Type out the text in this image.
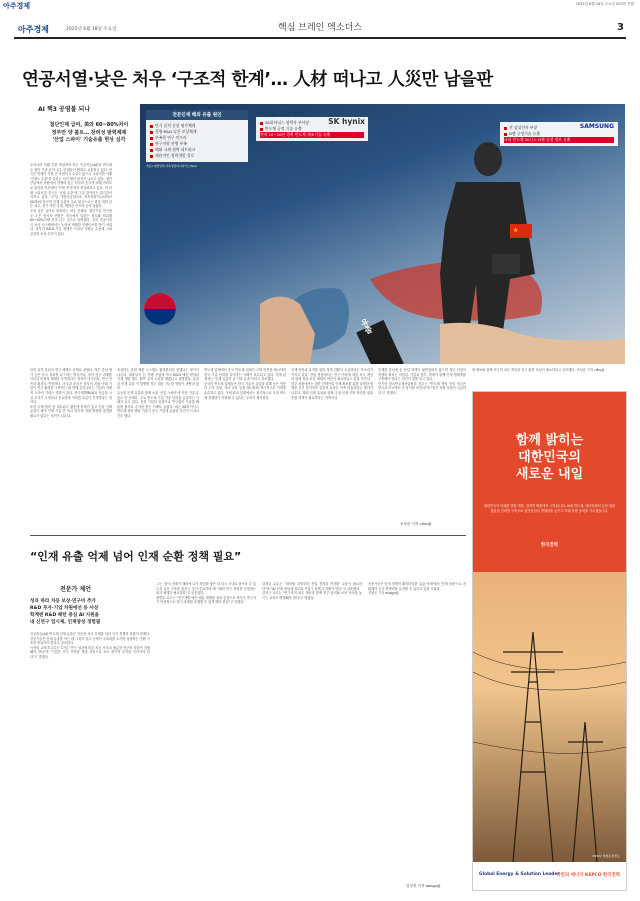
아주경제	2025년 6월 18일 수요일 003면 종합
아주경제	2025년 6월 18일 수요일	핵심 브레인 엑소더스	3
연공서열·낮은 처우 ‘구조적 한계’… 人材 떠나고 人災만 남을판
AI 핵3 공염불 되나
첨단인재 급여, 美와 60~80%차이
정부만 양 불트… 장려성 발력체제
'산업 스파이' 기술유출 현상 심각
★
유출
전문인재 해외 유출 원인
단기 실적 중심 평가체계
경영·R&D 낮은 보상체계
부족한 연구 인프라
연구직원 진행 부족
해외 국제 협력 네트워크
제한적인 경력개발 경로
자료=대한상의 지속성장이니셔티브(SGI)
주국 기술 유출된 사례
SK하이닉스 협력사 부사장
반도체 공정 기술 유출
전직 10~20년 경력 반도체 제조기술 유출
SK hynix
SAMSUNG
전 삼성전자 부장
D램 공정기술 유출
국내 반도체 20나노 D램 공정 정보 유출

우리나라 미래 부를 책임져야 하는 인공지능(AI)과 반도체 등 첨단 기술 분야 우수 인재들이 해외로 유출되고 있다. 한국은 인재가 가장 큰 자원이고 수출도 많으니 나라지만 이제 '인재도 수출'을 알리는 처지 세인 탄식이 나오고 있다. 첨단산업에서 지원에서 경쟁력 있는 미국과 중국에 비해 여러모로 불리한 여건에서 '인재 적자'까지 현실화되고 있다. 먼 미래 스타트업 중국은 '공장 유출'에 그칠 것이라는 위기감이 커지고 있다. 17일 대한상공회의소 지속성장이니셔티브(SGI)에 따르면 인재 유출의 주요 원인으로는 취업 대비 낮은 처우, 경기 비전 부재, 제한된 인프라 등이 꼽혔다.

우선 낮은 급여로 대표되는 처우 문제다. 첨단기술 연구원 등 돈은 총사자 연봉은 미국에서 일하는 경우와 비교해 60~80%가량 차이 나는 것으로 알려졌다. 특히 연공서열식 보상 시스템에서는 능력에 비례한 인센티브를 받기 어렵다. 정부의 R&D 기금 정책은 사실상 지원금 수준에 그쳐 실질적 보상 수단이 없다.

단지 실직 중심의 연구 체계도 문제로 꼽혔다. 정부 중심 평가 등은 즉시 성과를 요구하는 방식이다. 장기 연구 과제를 이어갈 안정적 체계가 부족하다는 지적이 이어진다. 연구 인프라 환경도 여전하다. 미국과 중국은 정부의 지원 아래 기업이 연구 환경을 구축하는 데 반해 우리나라는 기업의 자체적 노력에 기대는 경향이 있다. 연구개발(R&D) 자금을 시설 투자가 무엇보다 중요한데 이러한 흐름이 부족하다는 것이다.

또한 국제 협력 및 네트워크 활동에 한계가 있고 신입 인재 유입이 줄어 인재 기술 간 역시 정부의 지원 방향을 점검할 필요가 있다는 지적이 나온다.

육성하는 관련 제품 시스템도 활성화되지 못했다는 평가가 나온다. 대한상의 등 '전략 산업에 적극 R&D 예산 편성과 인재 개발 제도 정비' 등의 노력을 해왔다고 설명했다. 유출된 인재 유출 이 발생할 경우 대응 가능한 방법이 마땅치 않다.

유능한 인재 유출과 함께 소위 '산업 스파이'에 의한 기술 유출도 큰 문제다. 주요 반도체 기업 기술 인력을 유출하는 사례가 늘고 있다. 전직 기업의 임원이나 연구원이 기술을 빼돌린 혐의로 수사를 받는 사례도 늘었다. 최근 SK하이닉스 반도체 관련 핵심 기술이 중국 기업에 유출된 사건이 드러나기도 했다.

반도체 업계에선 중국 반도체 업체가 고액 연봉을 제시하며 한국 기술 인력을 끌어가는 사례가 보고되고 있다. 업계 관계자는 '인재 유출은 곧 기술 유출'이라고 강조했다.

중국의 반도체 업체들은 한국 기술자 유입을 위해 높은 연봉과 주거 지원, 자녀 교육 등을 제시하며 적극적으로 인력을 흡수하고 있다. 이에 따라 업계에서는 장기적으로 국내 반도체 경쟁력이 약화될 수 있다는 우려가 제기된다.

인재 양성과 유지를 위한 정책 전환이 시급하다는 목소리가 커지고 있다. 산업 현장에서는 연구 인력에 대한 처우 개선과 함께 성과 보상 체계의 혁신이 필요하다고 입을 모은다.

정부 차원에서는 첨단 전략산업 인재 확보를 위한 다양한 정책을 추진 중이지만 실질적 효과는 아직 미흡하다는 평가가 나온다. 해외 인재 유치와 함께 국내 인재 이탈 방지를 위한 종합 대책이 필요하다는 지적이다.

인재를 중심에 둔 산업 정책이 뒷받침되지 않으면 첨단 산업의 경쟁력 확보는 어렵다. 기업과 정부, 학계가 함께 인재 생태계를 구축해야 한다는 의견이 힘을 얻고 있다.

안기현 한국반도체산업협회 전무는 "반도체 핵심 인력 임금은 한국과 미국에서 큰 차이를 보인다"며 "정부 차원 지원이 시급하다"고 말했다.

장 확보와 함께 적극적 처우 개선과 연구 환경 조성이 필요하다고 강조했다. 조성준 기자 crbo@

조성준 기자 crbo@
“인재 유출 억제 넘어 인재 순환 정책 필요”
전문가 제언
성과 따라 차등 보상·연구비 추가
R&D 투자·기업 차원에선 동 사상
학계엔 R&D 패턴 중심 AI 지원을
내 신연구 업시제, 인재양성 경험필

인공지능(AI)·반도체 인재 유출은 단순한 처우 문제를 넘어 국가 경쟁력 차원의 과제다. 전문가들은 인재 유출을 막는 데 그치지 말고 인재가 국내외를 오가며 성장하는 순환 구조를 만들어야 한다고 강조한다.

이성엽 고려대 교수는 17일 "연구 성과에 따른 차등 보상과 충분한 연구비 지원이 전제돼야 한다"며 "기업은 연구 인력을 핵심 자산으로 보고 장기적 투자를 이어가야 한다"고 말했다.

그는 "한국 인재가 해외에 나가 경험을 쌓은 뒤 다시 국내로 돌아올 수 있도록 유인 구조를 갖추는 것이 중요하다"며 "해외 연구 경험을 인정하는 평가 체계가 필요하다"고 덧붙였다.

최병호 교수는 "연구개발 예산 배분 체계를 성과 중심으로 바꾸고 연구자가 안정적으로 장기 과제를 수행할 수 있게 해야 한다"고 말했다.

김태규 교수는 "대학원 과정부터 산업 현장과 연계한 교육이 필요하다"며 "AI 인재 양성에 정부와 기업이 함께 투자해야 한다"고 강조했다.

김현구 교수는 "연구자의 처우 개선과 함께 연구 윤리와 보안 의식을 높이는 교육도 병행돼야 한다"고 밝혔다.

전문가들은 인재 정책의 패러다임을 '유출 억제'에서 '인재 순환'으로 전환해야 국가 경쟁력을 유지할 수 있다고 입을 모았다.

김영은 기자 mingo@

김성현 기자 mingo@
함께 밝히는
대한민국의
새로운 내일
대한민국의 미래를 향한 변화, 전력망 확충에서 시작됩니다. AI와 반도체, 데이터센터 등을 위한 충분한 전력망 구축으로 첨단산업의 경쟁력을 높이고 미래 성장 동력을 키우겠습니다.
한국전력
345kV 변종송전선로
Global Energy & Solution Leader
국민의 에너지 KEPCO 한국전력
